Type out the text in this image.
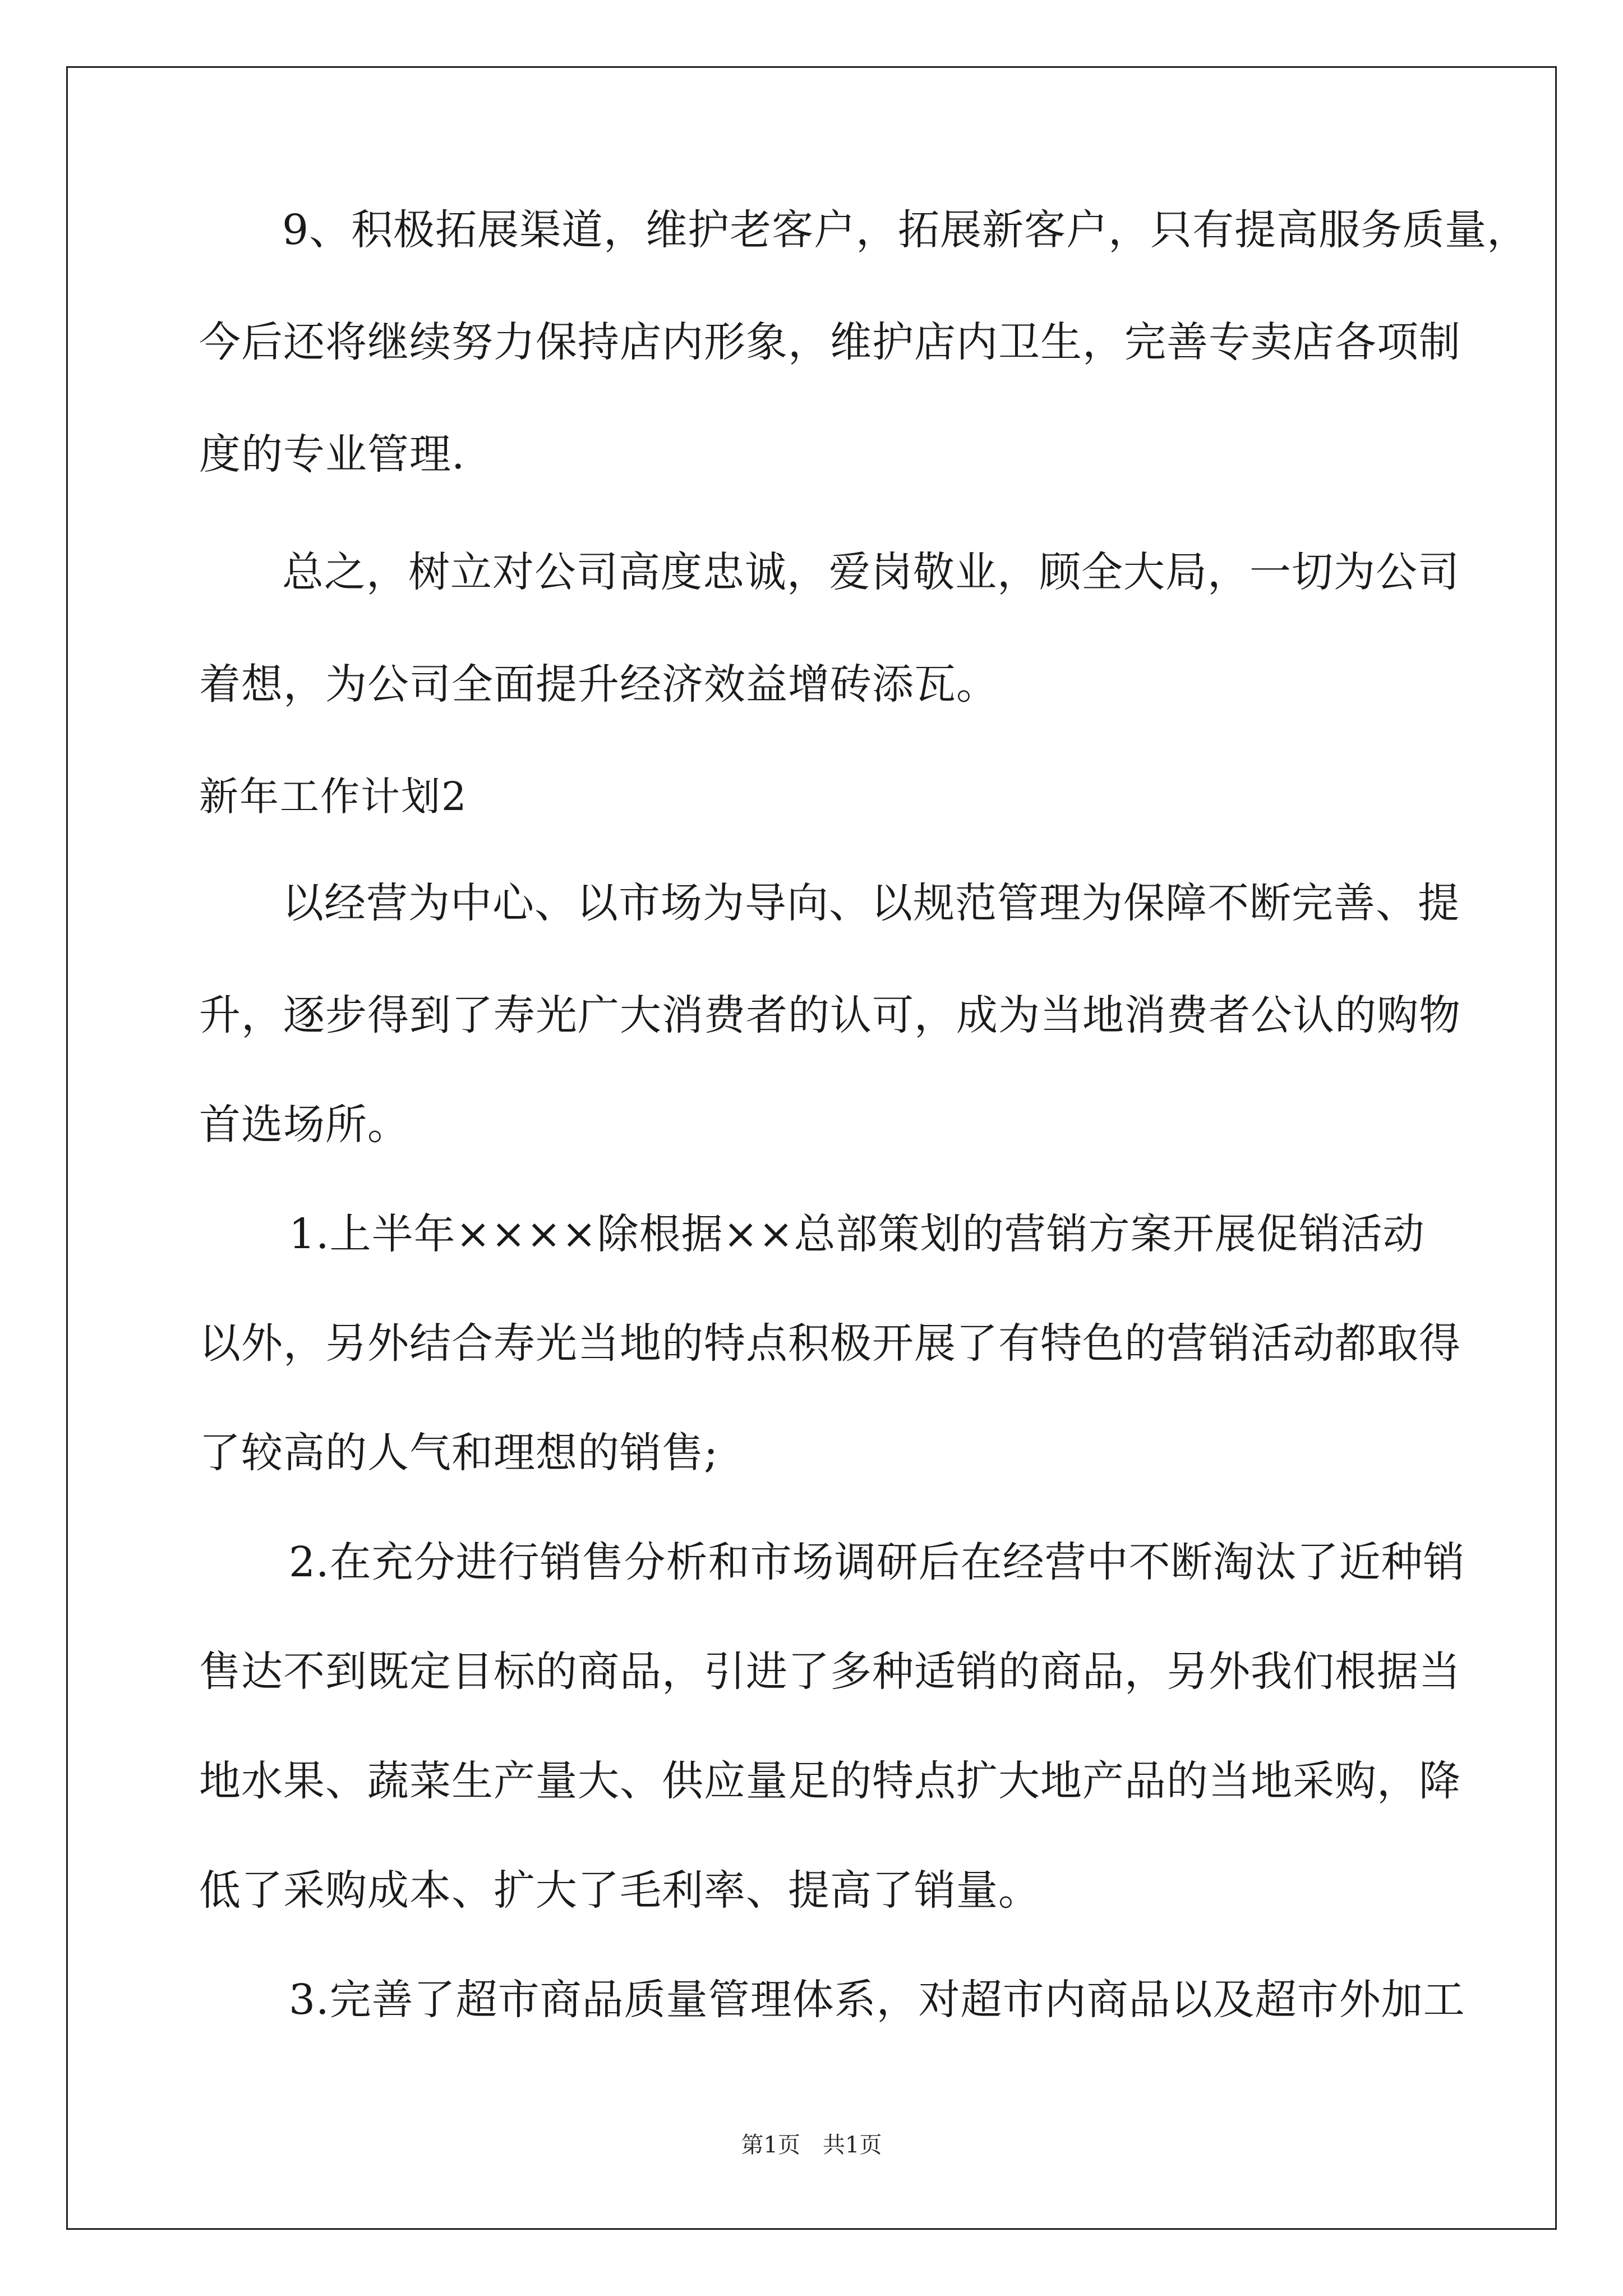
9、积极拓展渠道，维护老客户，拓展新客户，只有提高服务质量，
今后还将继续努力保持店内形象，维护店内卫生，完善专卖店各项制
度的专业管理.
总之，树立对公司高度忠诚，爱岗敬业，顾全大局，一切为公司
着想，为公司全面提升经济效益增砖添瓦。
新年工作计划2
以经营为中心、以市场为导向、以规范管理为保障不断完善、提
升，逐步得到了寿光广大消费者的认可，成为当地消费者公认的购物
首选场所。
1.上半年××××除根据××总部策划的营销方案开展促销活动
以外，另外结合寿光当地的特点积极开展了有特色的营销活动都取得
了较高的人气和理想的销售;
2.在充分进行销售分析和市场调研后在经营中不断淘汰了近种销
售达不到既定目标的商品，引进了多种适销的商品，另外我们根据当
地水果、蔬菜生产量大、供应量足的特点扩大地产品的当地采购，降
低了采购成本、扩大了毛利率、提高了销量。
3.完善了超市商品质量管理体系，对超市内商品以及超市外加工
第1页 共1页
